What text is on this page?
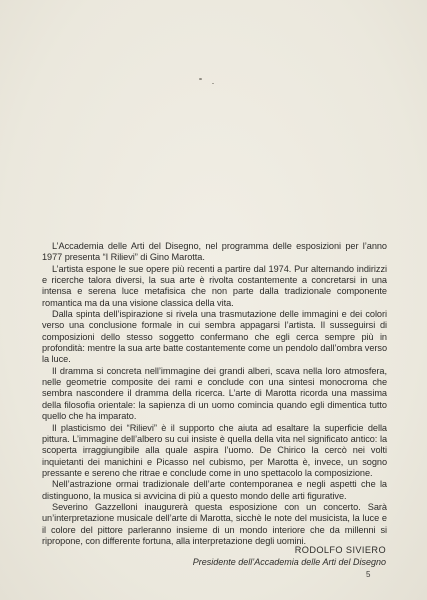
L’Accademia delle Arti del Disegno, nel programma delle esposizioni per l’anno 1977 presenta “I Rilievi” di Gino Marotta.

L’artista espone le sue opere più recenti a partire dal 1974. Pur alternando indirizzi e ricerche talora diversi, la sua arte è rivolta costantemente a concretarsi in una intensa e serena luce metafisica che non parte dalla tradizionale componente romantica ma da una visione classica della vita.

Dalla spinta dell’ispirazione si rivela una trasmutazione delle immagini e dei colori verso una conclusione formale in cui sembra appagarsi l’artista. Il susseguirsi di composizioni dello stesso soggetto confermano che egli cerca sempre più in profondità: mentre la sua arte batte costantemente come un pendolo dall’ombra verso la luce.

Il dramma si concreta nell’immagine dei grandi alberi, scava nella loro atmosfera, nelle geometrie composite dei rami e conclude con una sintesi monocroma che sembra nascondere il dramma della ricerca. L’arte di Marotta ricorda una massima della filosofia orientale: la sapienza di un uomo comincia quando egli dimentica tutto quello che ha imparato.

Il plasticismo dei “Rilievi” è il supporto che aiuta ad esaltare la superficie della pittura. L’immagine dell’albero su cui insiste è quella della vita nel significato antico: la scoperta irraggiungibile alla quale aspira l’uomo. De Chirico la cercò nei volti inquietanti dei manichini e Picasso nel cubismo, per Marotta è, invece, un sogno pressante e sereno che ritrae e conclude come in uno spettacolo la composizione.

Nell’astrazione ormai tradizionale dell’arte contemporanea e negli aspetti che la distinguono, la musica si avvicina di più a questo mondo delle arti figurative.

Severino Gazzelloni inaugurerà questa esposizione con un concerto. Sarà un’interpretazione musicale dell’arte di Marotta, sicchè le note del musicista, la luce e il colore del pittore parleranno insieme di un mondo interiore che da millenni si ripropone, con differente fortuna, alla interpretazione degli uomini.

RODOLFO SIVIERO
Presidente dell’Accademia delle Arti del Disegno
5
